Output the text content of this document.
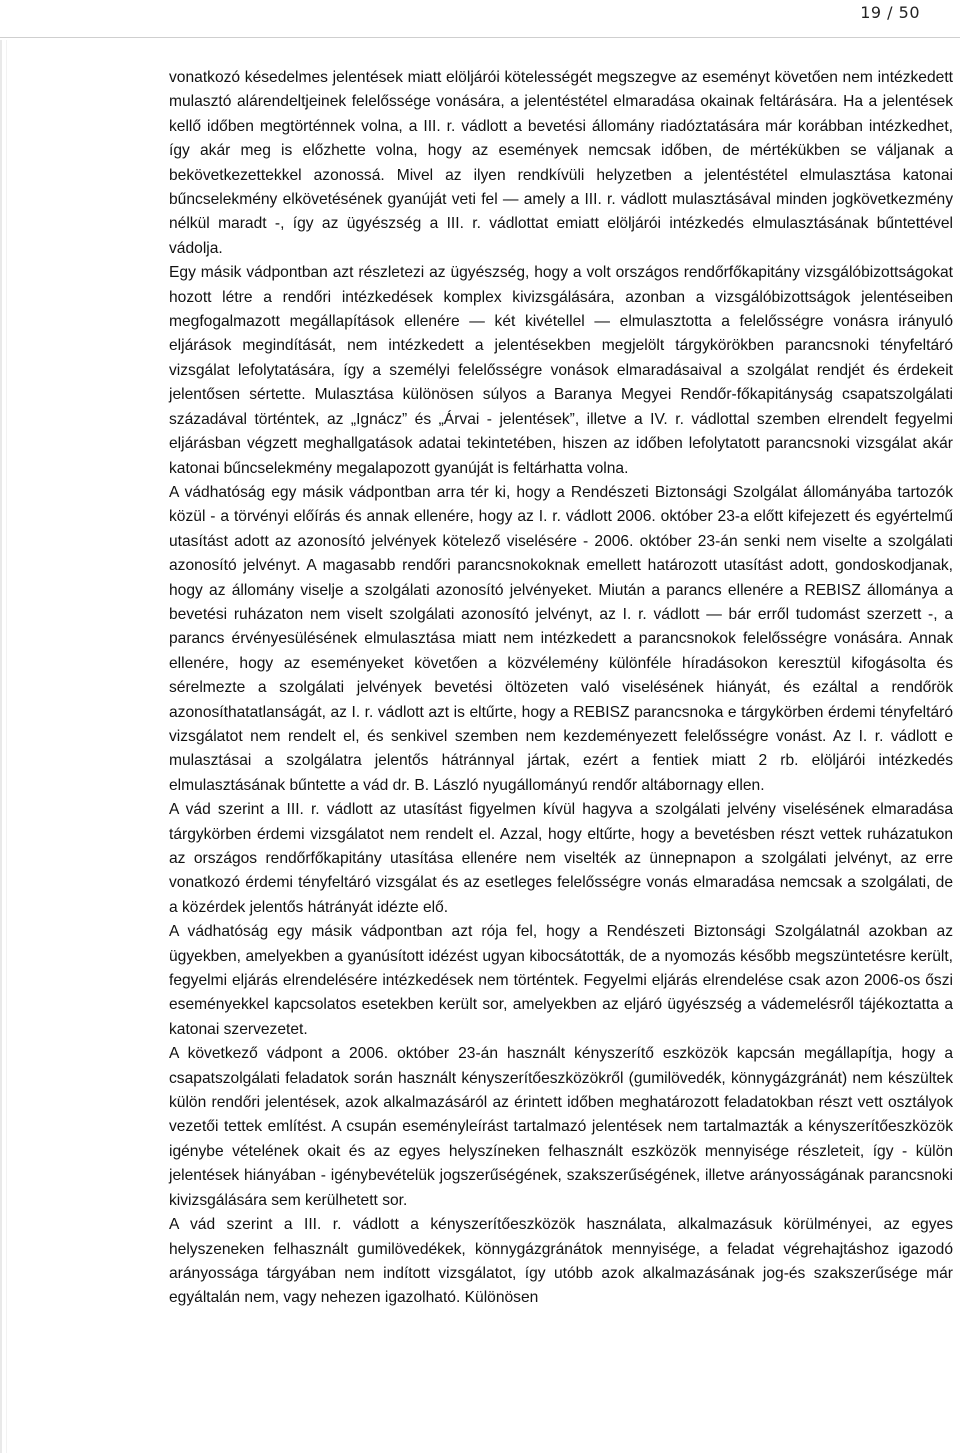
19 / 50

vonatkozó késedelmes jelentések miatt elöljárói kötelességét megszegve az eseményt követően nem intézkedett mulasztó alárendeltjeinek felelőssége vonására, a jelentéstétel elmaradása okainak feltárására. Ha a jelentések kellő időben megtörténnek volna, a III. r. vádlott a bevetési állomány riadóztatására már korábban intézkedhet, így akár meg is előzhette volna, hogy az események nemcsak időben, de mértékükben se váljanak a bekövetkezettekkel azonossá. Mivel az ilyen rendkívüli helyzetben a jelentéstétel elmulasztása katonai bűncselekmény elkövetésének gyanúját veti fel — amely a III. r. vádlott mulasztásával minden jogkövetkezmény nélkül maradt -, így az ügyészség a III. r. vádlottat emiatt elöljárói intézkedés elmulasztásának bűntettével vádolja.

Egy másik vádpontban azt részletezi az ügyészség, hogy a volt országos rendőrfőkapitány vizsgálóbizottságokat hozott létre a rendőri intézkedések komplex kivizsgálására, azonban a vizsgálóbizottságok jelentéseiben megfogalmazott megállapítások ellenére — két kivétellel — elmulasztotta a felelősségre vonásra irányuló eljárások megindítását, nem intézkedett a jelentésekben megjelölt tárgykörökben parancsnoki tényfeltáró vizsgálat lefolytatására, így a személyi felelősségre vonások elmaradásaival a szolgálat rendjét és érdekeit jelentősen sértette. Mulasztása különösen súlyos a Baranya Megyei Rendőr-főkapitányság csapatszolgálati századával történtek, az „Ignácz” és „Árvai - jelentések”, illetve a IV. r. vádlottal szemben elrendelt fegyelmi eljárásban végzett meghallgatások adatai tekintetében, hiszen az időben lefolytatott parancsnoki vizsgálat akár katonai bűncselekmény megalapozott gyanúját is feltárhatta volna.

A vádhatóság egy másik vádpontban arra tér ki, hogy a Rendészeti Biztonsági Szolgálat állományába tartozók közül - a törvényi előírás és annak ellenére, hogy az I. r. vádlott 2006. október 23-a előtt kifejezett és egyértelmű utasítást adott az azonosító jelvények kötelező viselésére - 2006. október 23-án senki nem viselte a szolgálati azonosító jelvényt. A magasabb rendőri parancsnokoknak emellett határozott utasítást adott, gondoskodjanak, hogy az állomány viselje a szolgálati azonosító jelvényeket. Miután a parancs ellenére a REBISZ állománya a bevetési ruházaton nem viselt szolgálati azonosító jelvényt, az I. r. vádlott — bár erről tudomást szerzett -, a parancs érvényesülésének elmulasztása miatt nem intézkedett a parancsnokok felelősségre vonására. Annak ellenére, hogy az eseményeket követően a közvélemény különféle híradásokon keresztül kifogásolta és sérelmezte a szolgálati jelvények bevetési öltözeten való viselésének hiányát, és ezáltal a rendőrök azonosíthatatlanságát, az I. r. vádlott azt is eltűrte, hogy a REBISZ parancsnoka e tárgykörben érdemi tényfeltáró vizsgálatot nem rendelt el, és senkivel szemben nem kezdeményezett felelősségre vonást. Az I. r. vádlott e mulasztásai a szolgálatra jelentős hátránnyal jártak, ezért a fentiek miatt 2 rb. elöljárói intézkedés elmulasztásának bűntette a vád dr. B. László nyugállományú rendőr altábornagy ellen.

A vád szerint a III. r. vádlott az utasítást figyelmen kívül hagyva a szolgálati jelvény viselésének elmaradása tárgykörben érdemi vizsgálatot nem rendelt el. Azzal, hogy eltűrte, hogy a bevetésben részt vettek ruházatukon az országos rendőrfőkapitány utasítása ellenére nem viselték az ünnepnapon a szolgálati jelvényt, az erre vonatkozó érdemi tényfeltáró vizsgálat és az esetleges felelősségre vonás elmaradása nemcsak a szolgálati, de a közérdek jelentős hátrányát idézte elő.

A vádhatóság egy másik vádpontban azt rója fel, hogy a Rendészeti Biztonsági Szolgálatnál azokban az ügyekben, amelyekben a gyanúsított idézést ugyan kibocsátották, de a nyomozás később megszüntetésre került, fegyelmi eljárás elrendelésére intézkedések nem történtek. Fegyelmi eljárás elrendelése csak azon 2006-os őszi eseményekkel kapcsolatos esetekben került sor, amelyekben az eljáró ügyészség a vádemelésről tájékoztatta a katonai szervezetet.

A következő vádpont a 2006. október 23-án használt kényszerítő eszközök kapcsán megállapítja, hogy a csapatszolgálati feladatok során használt kényszerítőeszközökről (gumilövedék, könnygázgránát) nem készültek külön rendőri jelentések, azok alkalmazásáról az érintett időben meghatározott feladatokban részt vett osztályok vezetői tettek említést. A csupán eseményleírást tartalmazó jelentések nem tartalmazták a kényszerítőeszközök igénybe vételének okait és az egyes helyszíneken felhasznált eszközök mennyisége részleteit, így - külön jelentések hiányában - igénybevételük jogszerűségének, szakszerűségének, illetve arányosságának parancsnoki kivizsgálására sem kerülhetett sor.

A vád szerint a III. r. vádlott a kényszerítőeszközök használata, alkalmazásuk körülményei, az egyes helyszeneken felhasznált gumilövedékek, könnygázgránátok mennyisége, a feladat végrehajtáshoz igazodó arányossága tárgyában nem indított vizsgálatot, így utóbb azok alkalmazásának jog-és szakszerűsége már egyáltalán nem, vagy nehezen igazolható. Különösen
